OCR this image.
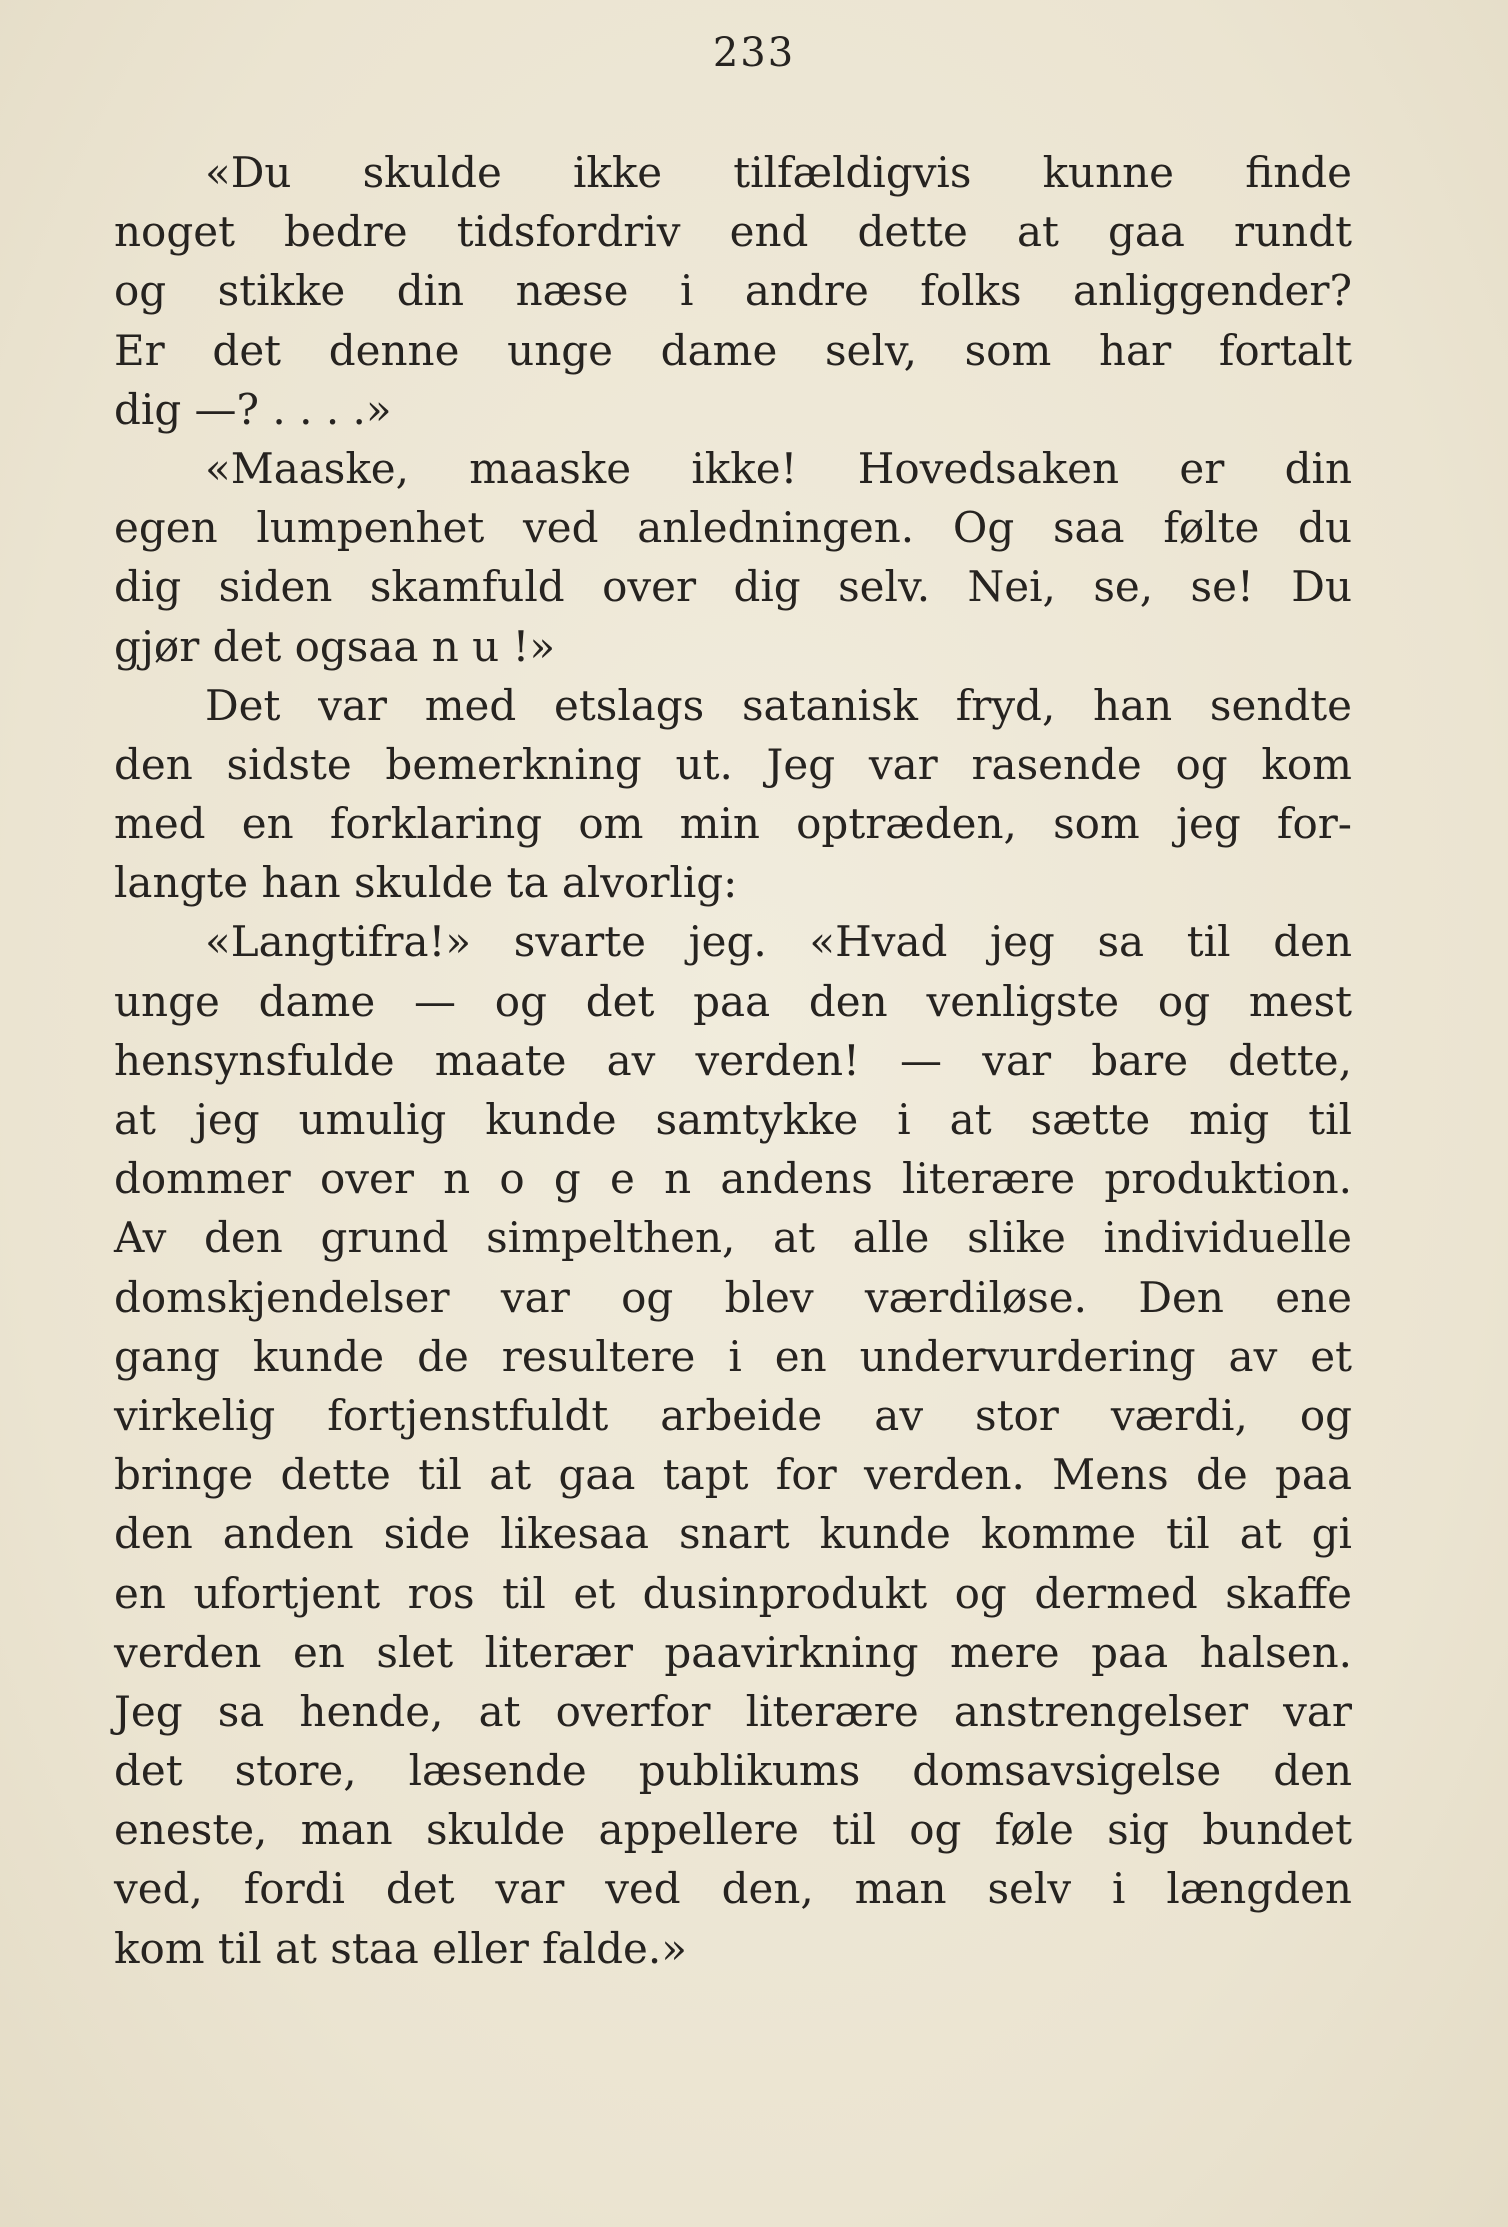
233
«Du skulde ikke tilfældigvis kunne finde
noget bedre tidsfordriv end dette at gaa rundt
og stikke din næse i andre folks anliggender?
Er det denne unge dame selv, som har fortalt
dig —? . . . .»
«Maaske, maaske ikke! Hovedsaken er din
egen lumpenhet ved anledningen. Og saa følte du
dig siden skamfuld over dig selv. Nei, se, se! Du
gjør det ogsaa n u !»
Det var med etslags satanisk fryd, han sendte
den sidste bemerkning ut. Jeg var rasende og kom
med en forklaring om min optræden, som jeg for-
langte han skulde ta alvorlig:
«Langtifra!» svarte jeg. «Hvad jeg sa til den
unge dame — og det paa den venligste og mest
hensynsfulde maate av verden! — var bare dette,
at jeg umulig kunde samtykke i at sætte mig til
dommer over n o g e n andens literære produktion.
Av den grund simpelthen, at alle slike individuelle
domskjendelser var og blev værdiløse. Den ene
gang kunde de resultere i en undervurdering av et
virkelig fortjenstfuldt arbeide av stor værdi, og
bringe dette til at gaa tapt for verden. Mens de paa
den anden side likesaa snart kunde komme til at gi
en ufortjent ros til et dusinprodukt og dermed skaffe
verden en slet literær paavirkning mere paa halsen.
Jeg sa hende, at overfor literære anstrengelser var
det store, læsende publikums domsavsigelse den
eneste, man skulde appellere til og føle sig bundet
ved, fordi det var ved den, man selv i længden
kom til at staa eller falde.»
